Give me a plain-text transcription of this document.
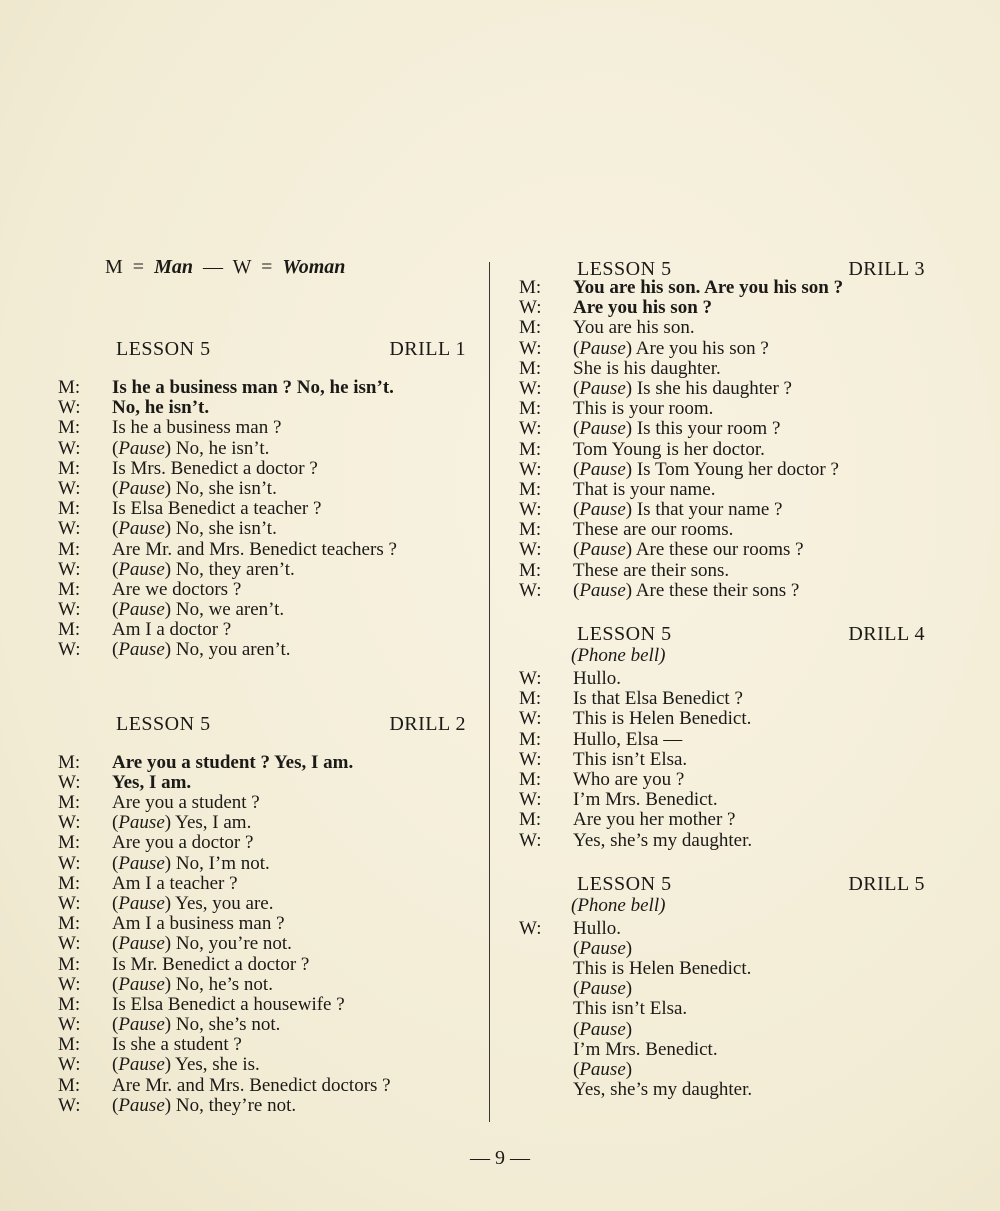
M = Man — W = Woman
LESSON 5	DRILL 1
M:	Is he a business man ? No, he isn’t.
W:	No, he isn’t.
M:	Is he a business man ?
W:	(Pause) No, he isn’t.
M:	Is Mrs. Benedict a doctor ?
W:	(Pause) No, she isn’t.
M:	Is Elsa Benedict a teacher ?
W:	(Pause) No, she isn’t.
M:	Are Mr. and Mrs. Benedict teachers ?
W:	(Pause) No, they aren’t.
M:	Are we doctors ?
W:	(Pause) No, we aren’t.
M:	Am I a doctor ?
W:	(Pause) No, you aren’t.
LESSON 5	DRILL 2
M:	Are you a student ? Yes, I am.
W:	Yes, I am.
M:	Are you a student ?
W:	(Pause) Yes, I am.
M:	Are you a doctor ?
W:	(Pause) No, I’m not.
M:	Am I a teacher ?
W:	(Pause) Yes, you are.
M:	Am I a business man ?
W:	(Pause) No, you’re not.
M:	Is Mr. Benedict a doctor ?
W:	(Pause) No, he’s not.
M:	Is Elsa Benedict a housewife ?
W:	(Pause) No, she’s not.
M:	Is she a student ?
W:	(Pause) Yes, she is.
M:	Are Mr. and Mrs. Benedict doctors ?
W:	(Pause) No, they’re not.
LESSON 5	DRILL 3
M:	You are his son. Are you his son ?
W:	Are you his son ?
M:	You are his son.
W:	(Pause) Are you his son ?
M:	She is his daughter.
W:	(Pause) Is she his daughter ?
M:	This is your room.
W:	(Pause) Is this your room ?
M:	Tom Young is her doctor.
W:	(Pause) Is Tom Young her doctor ?
M:	That is your name.
W:	(Pause) Is that your name ?
M:	These are our rooms.
W:	(Pause) Are these our rooms ?
M:	These are their sons.
W:	(Pause) Are these their sons ?
LESSON 5	DRILL 4
(Phone bell)
W:	Hullo.
M:	Is that Elsa Benedict ?
W:	This is Helen Benedict.
M:	Hullo, Elsa —
W:	This isn’t Elsa.
M:	Who are you ?
W:	I’m Mrs. Benedict.
M:	Are you her mother ?
W:	Yes, she’s my daughter.
LESSON 5	DRILL 5
(Phone bell)
W:	Hullo.
(Pause)
This is Helen Benedict.
(Pause)
This isn’t Elsa.
(Pause)
I’m Mrs. Benedict.
(Pause)
Yes, she’s my daughter.
— 9 —
